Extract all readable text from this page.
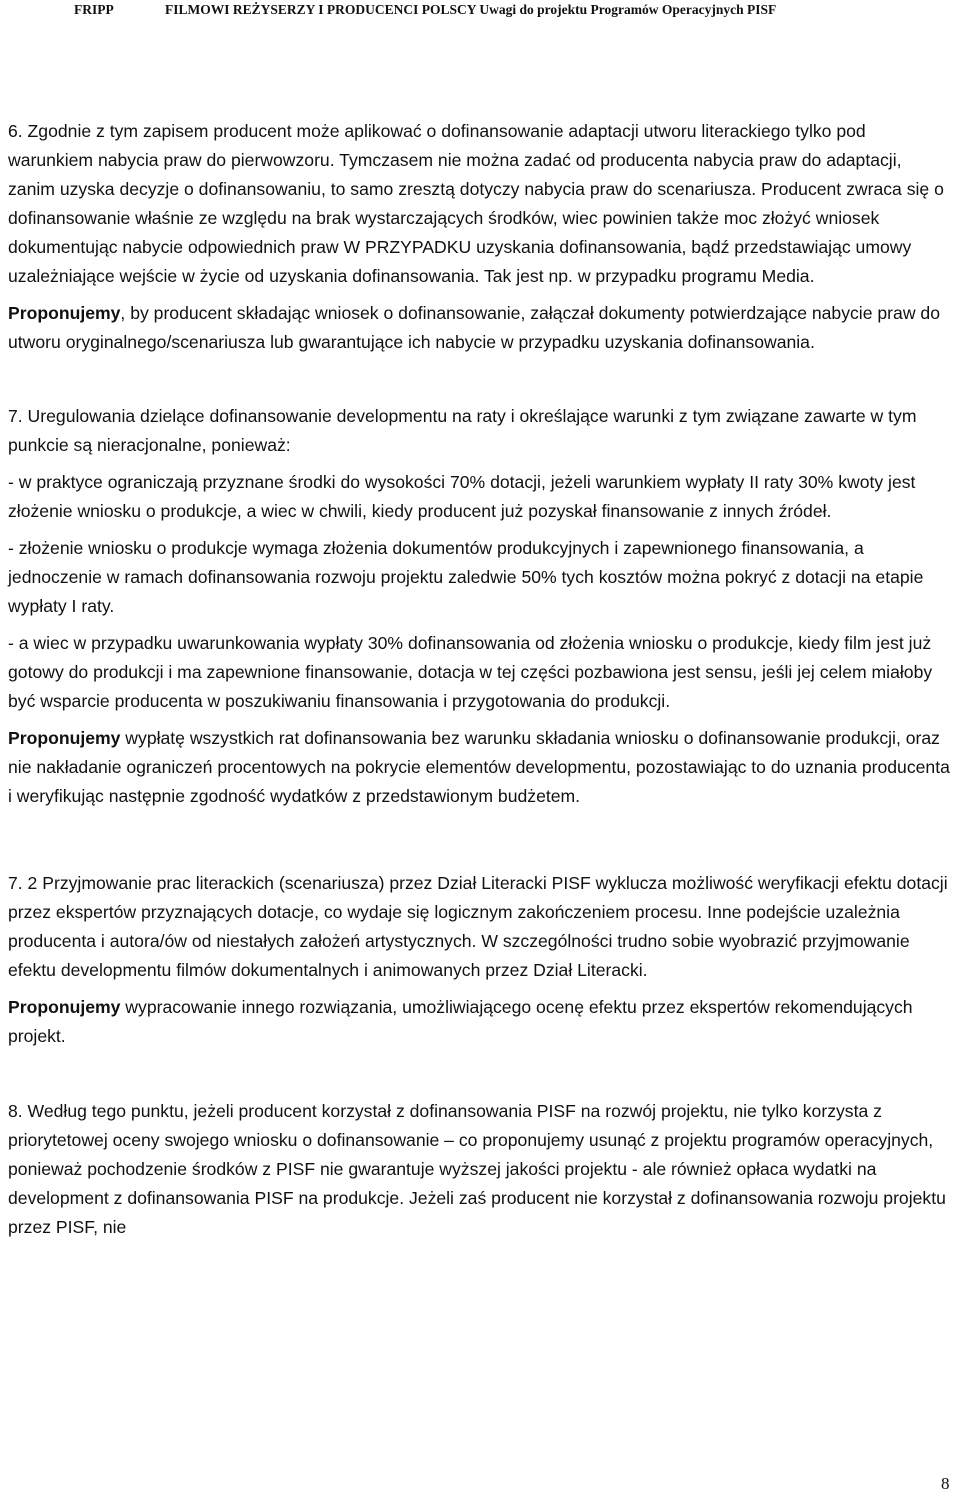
FRIPP	FILMOWI REŻYSERZY I PRODUCENCI POLSCY Uwagi do projektu Programów Operacyjnych PISF

6. Zgodnie z tym zapisem producent może aplikować o dofinansowanie adaptacji utworu literackiego tylko pod warunkiem nabycia praw do pierwowzoru. Tymczasem nie można zadać od producenta nabycia praw do adaptacji, zanim uzyska decyzje o dofinansowaniu, to samo zresztą dotyczy nabycia praw do scenariusza. Producent zwraca się o dofinansowanie właśnie ze względu na brak wystarczających środków, wiec powinien także moc złożyć wniosek dokumentując nabycie odpowiednich praw W PRZYPADKU uzyskania dofinansowania, bądź przedstawiając umowy uzależniające wejście w życie od uzyskania dofinansowania. Tak jest np. w przypadku programu Media.

Proponujemy, by producent składając wniosek o dofinansowanie, załączał dokumenty potwierdzające nabycie praw do utworu oryginalnego/scenariusza lub gwarantujące ich nabycie w przypadku uzyskania dofinansowania.

7. Uregulowania dzielące dofinansowanie developmentu na raty i określające warunki z tym związane zawarte w tym punkcie są nieracjonalne, ponieważ:

- w praktyce ograniczają przyznane środki do wysokości 70% dotacji, jeżeli warunkiem wypłaty II raty 30% kwoty jest złożenie wniosku o produkcje, a wiec w chwili, kiedy producent już pozyskał finansowanie z innych źródeł.

- złożenie wniosku o produkcje wymaga złożenia dokumentów produkcyjnych i zapewnionego finansowania, a jednoczenie w ramach dofinansowania rozwoju projektu zaledwie 50% tych kosztów można pokryć z dotacji na etapie wypłaty I raty.

- a wiec w przypadku uwarunkowania wypłaty 30% dofinansowania od złożenia wniosku o produkcje, kiedy film jest już gotowy do produkcji i ma zapewnione finansowanie, dotacja w tej części pozbawiona jest sensu, jeśli jej celem miałoby być wsparcie producenta w poszukiwaniu finansowania i przygotowania do produkcji.

Proponujemy wypłatę wszystkich rat dofinansowania bez warunku składania wniosku o dofinansowanie produkcji, oraz nie nakładanie ograniczeń procentowych na pokrycie elementów developmentu, pozostawiając to do uznania producenta i weryfikując następnie zgodność wydatków z przedstawionym budżetem.

7. 2 Przyjmowanie prac literackich (scenariusza) przez Dział Literacki PISF wyklucza możliwość weryfikacji efektu dotacji przez ekspertów przyznających dotacje, co wydaje się logicznym zakończeniem procesu. Inne podejście uzależnia producenta i autora/ów od niestałych założeń artystycznych. W szczególności trudno sobie wyobrazić przyjmowanie efektu developmentu filmów dokumentalnych i animowanych przez Dział Literacki.

Proponujemy wypracowanie innego rozwiązania, umożliwiającego ocenę efektu przez ekspertów rekomendujących projekt.

8. Według tego punktu, jeżeli producent korzystał z dofinansowania PISF na rozwój projektu, nie tylko korzysta z priorytetowej oceny swojego wniosku o dofinansowanie – co proponujemy usunąć z projektu programów operacyjnych, ponieważ pochodzenie środków z PISF nie gwarantuje wyższej jakości projektu - ale również opłaca wydatki na development z dofinansowania PISF na produkcje. Jeżeli zaś producent nie korzystał z dofinansowania rozwoju projektu przez PISF, nie

8
